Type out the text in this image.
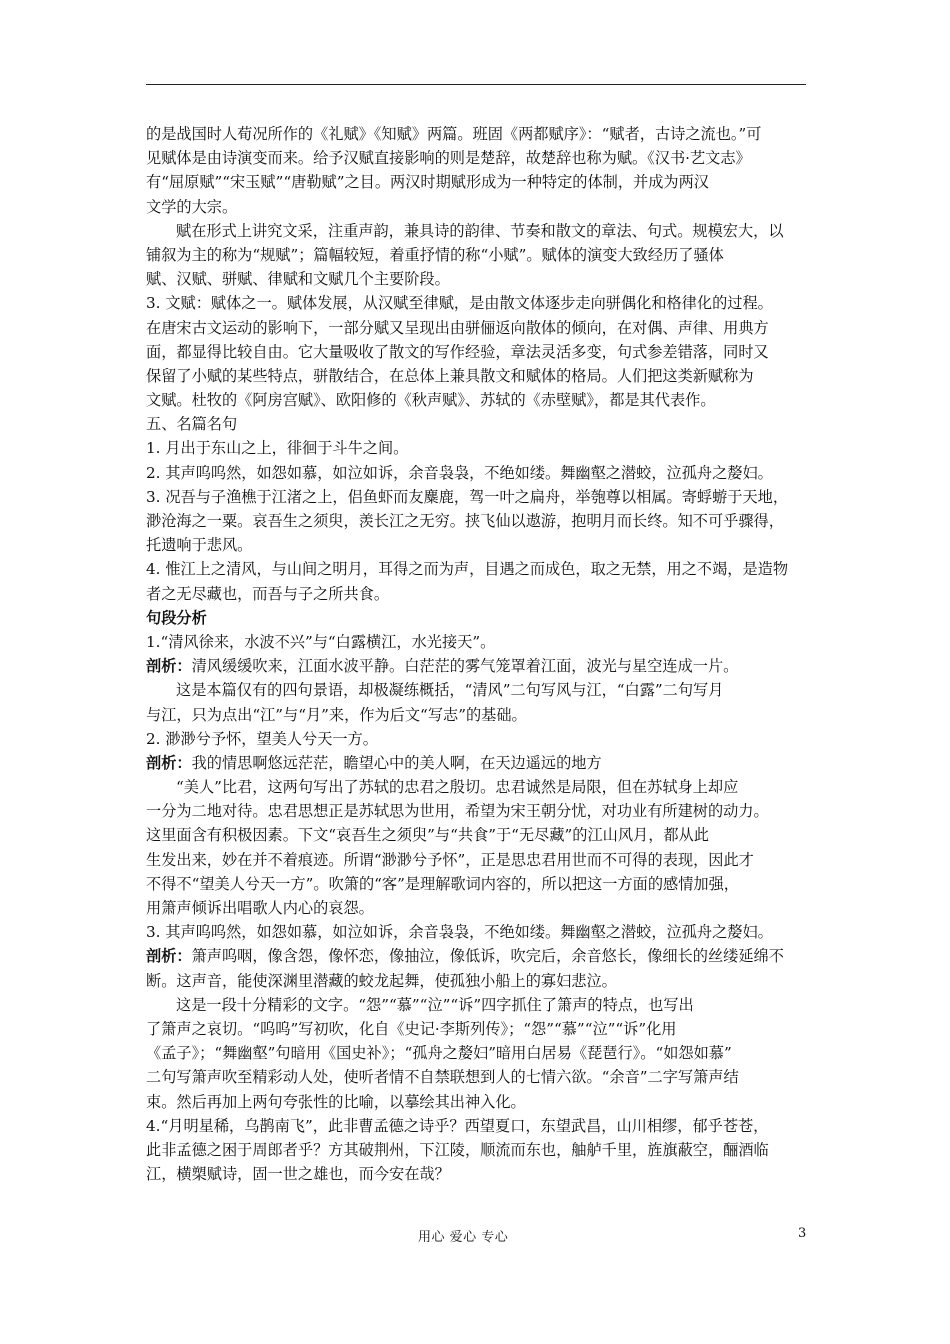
的是战国时人荀况所作的《礼赋》《知赋》两篇。班固《两都赋序》：“赋者，古诗之流也。”可
见赋体是由诗演变而来。给予汉赋直接影响的则是楚辞，故楚辞也称为赋。《汉书·艺文志》
有“屈原赋”“宋玉赋”“唐勒赋”之目。两汉时期赋形成为一种特定的体制，并成为两汉
文学的大宗。
赋在形式上讲究文采，注重声韵，兼具诗的韵律、节奏和散文的章法、句式。规模宏大，以
铺叙为主的称为“规赋”；篇幅较短，着重抒情的称“小赋”。赋体的演变大致经历了骚体
赋、汉赋、骈赋、律赋和文赋几个主要阶段。
3. 文赋：赋体之一。赋体发展，从汉赋至律赋，是由散文体逐步走向骈偶化和格律化的过程。
在唐宋古文运动的影响下，一部分赋又呈现出由骈俪返向散体的倾向，在对偶、声律、用典方
面，都显得比较自由。它大量吸收了散文的写作经验，章法灵活多变，句式参差错落，同时又
保留了小赋的某些特点，骈散结合，在总体上兼具散文和赋体的格局。人们把这类新赋称为
文赋。杜牧的《阿房宫赋》、欧阳修的《秋声赋》、苏轼的《赤壁赋》，都是其代表作。
五、名篇名句
1. 月出于东山之上，徘徊于斗牛之间。
2. 其声呜呜然，如怨如慕，如泣如诉，余音袅袅，不绝如缕。舞幽壑之潜蛟，泣孤舟之嫠妇。
3. 况吾与子渔樵于江渚之上，侣鱼虾而友麋鹿，驾一叶之扁舟，举匏尊以相属。寄蜉蝣于天地，
渺沧海之一粟。哀吾生之须臾，羡长江之无穷。挟飞仙以遨游，抱明月而长终。知不可乎骤得，
托遗响于悲风。
4. 惟江上之清风，与山间之明月，耳得之而为声，目遇之而成色，取之无禁，用之不竭，是造物
者之无尽藏也，而吾与子之所共食。
句段分析
1.“清风徐来，水波不兴”与“白露横江，水光接天”。
剖析：清风缓缓吹来，江面水波平静。白茫茫的雾气笼罩着江面，波光与星空连成一片。
这是本篇仅有的四句景语，却极凝练概括，“清风”二句写风与江，“白露”二句写月
与江，只为点出“江”与“月”来，作为后文“写志”的基础。
2. 渺渺兮予怀，望美人兮天一方。
剖析：我的情思啊悠远茫茫，瞻望心中的美人啊，在天边遥远的地方
“美人”比君，这两句写出了苏轼的忠君之殷切。忠君诚然是局限，但在苏轼身上却应
一分为二地对待。忠君思想正是苏轼思为世用，希望为宋王朝分忧，对功业有所建树的动力。
这里面含有积极因素。下文“哀吾生之须臾”与“共食”于“无尽藏”的江山风月，都从此
生发出来，妙在并不着痕迹。所谓“渺渺兮予怀”，正是思忠君用世而不可得的表现，因此才
不得不“望美人兮天一方”。吹箫的“客”是理解歌词内容的，所以把这一方面的感情加强，
用箫声倾诉出唱歌人内心的哀怨。
3. 其声呜呜然，如怨如慕，如泣如诉，余音袅袅，不绝如缕。舞幽壑之潜蛟，泣孤舟之嫠妇。
剖析：箫声呜咽，像含怨，像怀恋，像抽泣，像低诉，吹完后，余音悠长，像细长的丝缕延绵不
断。这声音，能使深渊里潜藏的蛟龙起舞，使孤独小船上的寡妇悲泣。
这是一段十分精彩的文字。“怨”“慕”“泣”“诉”四字抓住了箫声的特点，也写出
了箫声之哀切。“呜呜”写初吹，化自《史记·李斯列传》；“怨”“慕”“泣”“诉”化用
《孟子》；“舞幽壑”句暗用《国史补》；“孤舟之嫠妇”暗用白居易《琵琶行》。“如怨如慕”
二句写箫声吹至精彩动人处，使听者情不自禁联想到人的七情六欲。“余音”二字写箫声结
束。然后再加上两句夸张性的比喻，以摹绘其出神入化。
4.“月明星稀，乌鹊南飞”，此非曹孟德之诗乎？西望夏口，东望武昌，山川相缪，郁乎苍苍，
此非孟德之困于周郎者乎？方其破荆州，下江陵，顺流而东也，舳舻千里，旌旗蔽空，酾酒临
江，横槊赋诗，固一世之雄也，而今安在哉？
用心 爱心 专心	3
